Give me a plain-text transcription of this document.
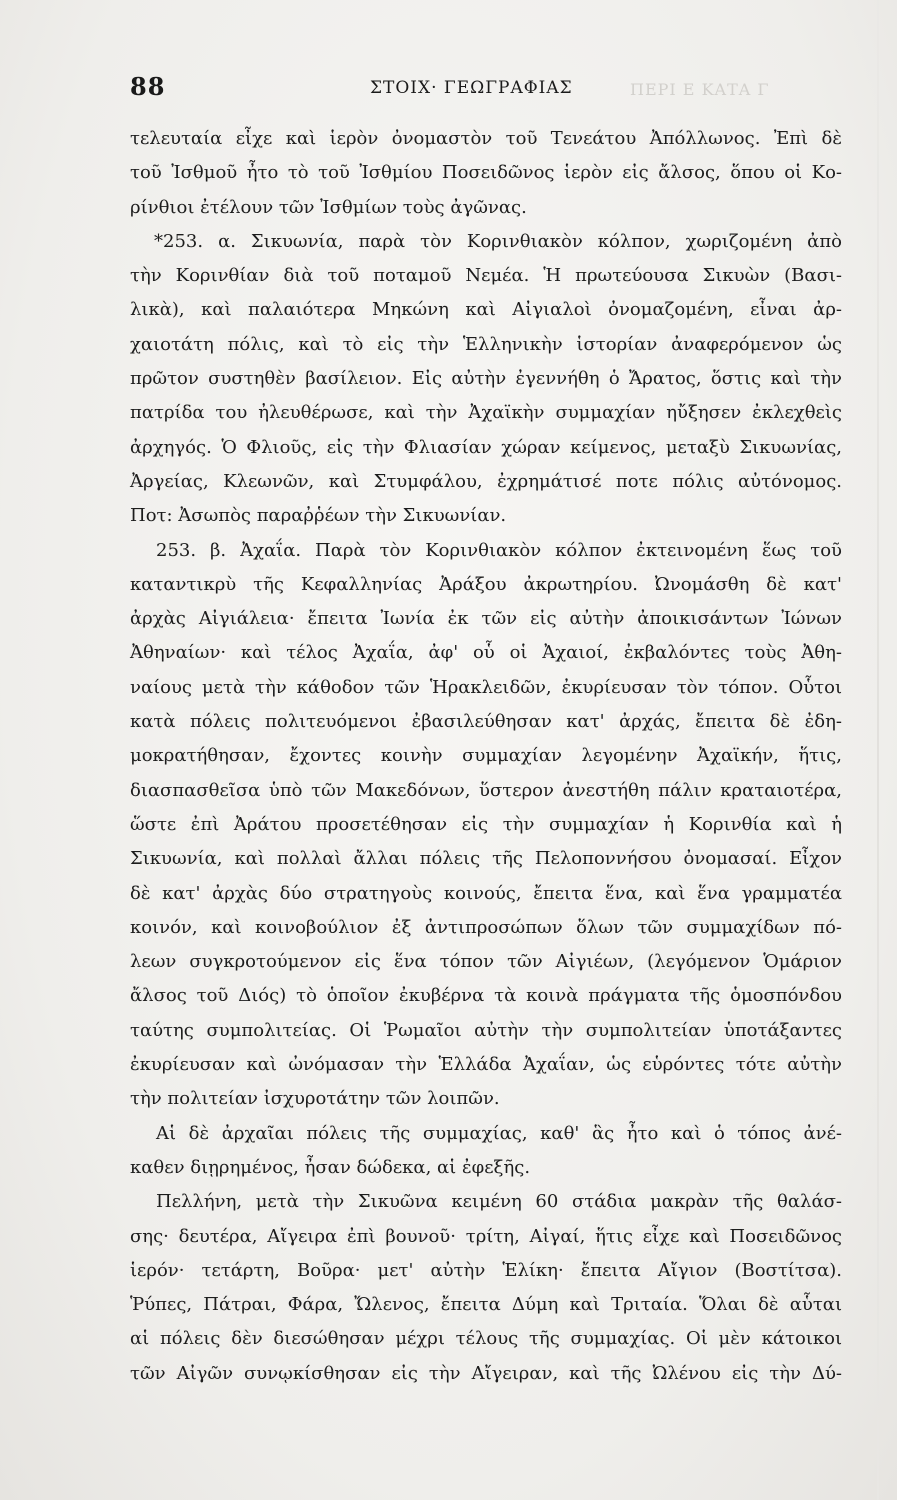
88	ΣΤΟΙΧ· ΓΕΩΓΡΑΦΙΑΣ	ΠΕΡΙ Ε ΚΑΤΑ Γ
τελευταία εἶχε καὶ ἱερὸν ὀνομαστὸν τοῦ Τενεάτου Ἀπόλλωνος. Ἐπὶ δὲ
τοῦ Ἰσθμοῦ ἦτο τὸ τοῦ Ἰσθμίου Ποσειδῶνος ἱερὸν εἰς ἄλσος, ὅπου οἱ Κο-
ρίνθιοι ἐτέλουν τῶν Ἰσθμίων τοὺς ἀγῶνας.
*253. α. Σικυωνία, παρὰ τὸν Κορινθιακὸν κόλπον, χωριζομένη ἀπὸ
τὴν Κορινθίαν διὰ τοῦ ποταμοῦ Νεμέα. Ἡ πρωτεύουσα Σικυὼν (Βασι-
λικὰ), καὶ παλαιότερα Μηκώνη καὶ Αἰγιαλοὶ ὀνομαζομένη, εἶναι ἀρ-
χαιοτάτη πόλις, καὶ τὸ εἰς τὴν Ἑλληνικὴν ἱστορίαν ἀναφερόμενον ὡς
πρῶτον συστηθὲν βασίλειον. Εἰς αὐτὴν ἐγεννήθη ὁ Ἄρατος, ὅστις καὶ τὴν
πατρίδα του ἠλευθέρωσε, καὶ τὴν Ἀχαϊκὴν συμμαχίαν ηὔξησεν ἐκλεχθεὶς
ἀρχηγός. Ὁ Φλιοῦς, εἰς τὴν Φλιασίαν χώραν κείμενος, μεταξὺ Σικυωνίας,
Ἀργείας, Κλεωνῶν, καὶ Στυμφάλου, ἐχρημάτισέ ποτε πόλις αὐτόνομος.
Ποτ: Ἀσωπὸς παραῤῥέων τὴν Σικυωνίαν.
253. β. Ἀχαΐα. Παρὰ τὸν Κορινθιακὸν κόλπον ἐκτεινομένη ἕως τοῦ
καταντικρὺ τῆς Κεφαλληνίας Ἀράξου ἀκρωτηρίου. Ὠνομάσθη δὲ κατ'
ἀρχὰς Αἰγιάλεια· ἔπειτα Ἰωνία ἐκ τῶν εἰς αὐτὴν ἀποικισάντων Ἰώνων
Ἀθηναίων· καὶ τέλος Ἀχαΐα, ἀφ' οὗ οἱ Ἀχαιοί, ἐκβαλόντες τοὺς Ἀθη-
ναίους μετὰ τὴν κάθοδον τῶν Ἡρακλειδῶν, ἐκυρίευσαν τὸν τόπον. Οὗτοι
κατὰ πόλεις πολιτευόμενοι ἐβασιλεύθησαν κατ' ἀρχάς, ἔπειτα δὲ ἐδη-
μοκρατήθησαν, ἔχοντες κοινὴν συμμαχίαν λεγομένην Ἀχαϊκήν, ἥτις,
διασπασθεῖσα ὑπὸ τῶν Μακεδόνων, ὕστερον ἀνεστήθη πάλιν κραταιοτέρα,
ὥστε ἐπὶ Ἀράτου προσετέθησαν εἰς τὴν συμμαχίαν ἡ Κορινθία καὶ ἡ
Σικυωνία, καὶ πολλαὶ ἄλλαι πόλεις τῆς Πελοποννήσου ὀνομασαί. Εἶχον
δὲ κατ' ἀρχὰς δύο στρατηγοὺς κοινούς, ἔπειτα ἕνα, καὶ ἕνα γραμματέα
κοινόν, καὶ κοινοβούλιον ἐξ ἀντιπροσώπων ὅλων τῶν συμμαχίδων πό-
λεων συγκροτούμενον εἰς ἕνα τόπον τῶν Αἰγιέων, (λεγόμενον Ὁμάριον
ἄλσος τοῦ Διός) τὸ ὁποῖον ἐκυβέρνα τὰ κοινὰ πράγματα τῆς ὁμοσπόνδου
ταύτης συμπολιτείας. Οἱ Ῥωμαῖοι αὐτὴν τὴν συμπολιτείαν ὑποτάξαντες
ἐκυρίευσαν καὶ ὠνόμασαν τὴν Ἑλλάδα Ἀχαΐαν, ὡς εὑρόντες τότε αὐτὴν
τὴν πολιτείαν ἰσχυροτάτην τῶν λοιπῶν.
Αἱ δὲ ἀρχαῖαι πόλεις τῆς συμμαχίας, καθ' ἃς ἦτο καὶ ὁ τόπος ἀνέ-
καθεν διῃρημένος, ἦσαν δώδεκα, αἱ ἐφεξῆς.
Πελλήνη, μετὰ τὴν Σικυῶνα κειμένη 60 στάδια μακρὰν τῆς θαλάσ-
σης· δευτέρα, Αἴγειρα ἐπὶ βουνοῦ· τρίτη, Αἰγαί, ἥτις εἶχε καὶ Ποσειδῶνος
ἱερόν· τετάρτη, Βοῦρα· μετ' αὐτὴν Ἑλίκη· ἔπειτα Αἴγιον (Βοστίτσα).
Ῥύπες, Πάτραι, Φάρα, Ὤλενος, ἔπειτα Δύμη καὶ Τριταία. Ὅλαι δὲ αὗται
αἱ πόλεις δὲν διεσώθησαν μέχρι τέλους τῆς συμμαχίας. Οἱ μὲν κάτοικοι
τῶν Αἰγῶν συνῳκίσθησαν εἰς τὴν Αἴγειραν, καὶ τῆς Ὠλένου εἰς τὴν Δύ-
